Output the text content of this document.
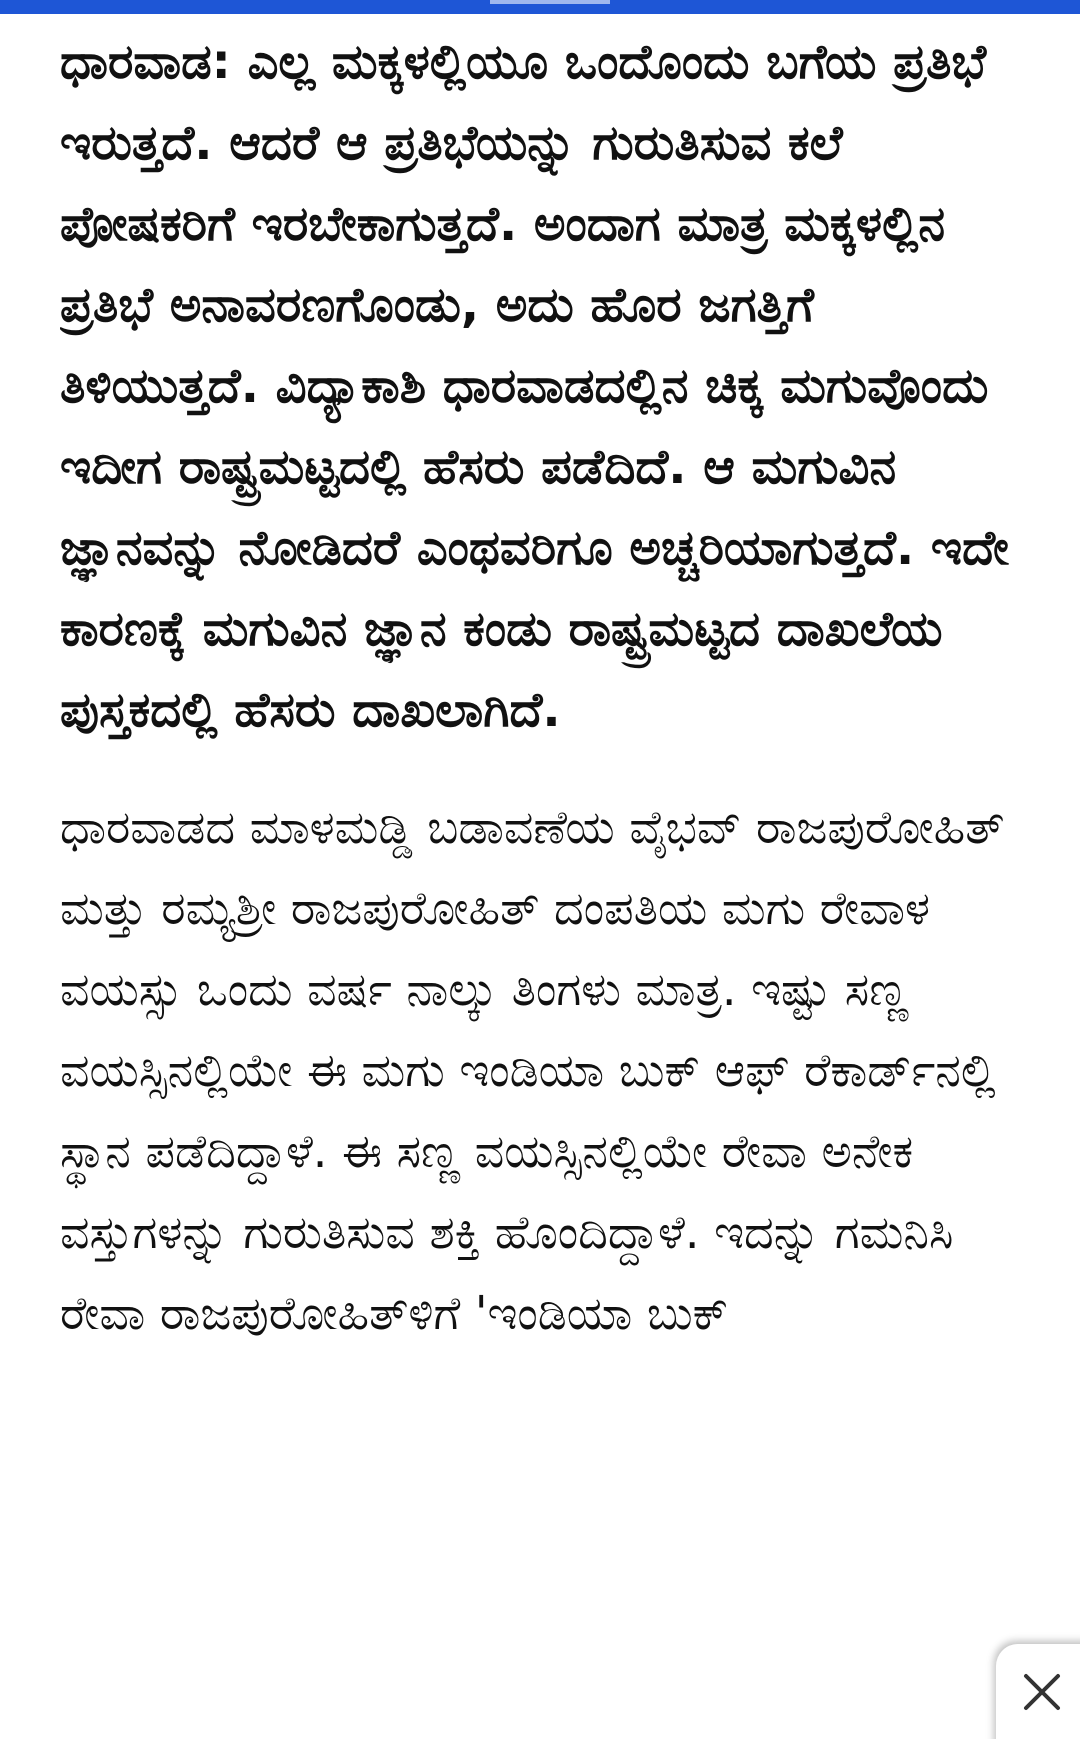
ಧಾರವಾಡ: ಎಲ್ಲ ಮಕ್ಕಳಲ್ಲಿಯೂ ಒಂದೊಂದು ಬಗೆಯ ಪ್ರತಿಭೆ ಇರುತ್ತದೆ. ಆದರೆ ಆ ಪ್ರತಿಭೆಯನ್ನು ಗುರುತಿಸುವ ಕಲೆ ಪೋಷಕರಿಗೆ ಇರಬೇಕಾಗುತ್ತದೆ. ಅಂದಾಗ ಮಾತ್ರ ಮಕ್ಕಳಲ್ಲಿನ ಪ್ರತಿಭೆ ಅನಾವರಣಗೊಂಡು, ಅದು ಹೊರ ಜಗತ್ತಿಗೆ ತಿಳಿಯುತ್ತದೆ. ವಿದ್ಯಾಕಾಶಿ ಧಾರವಾಡದಲ್ಲಿನ ಚಿಕ್ಕ ಮಗುವೊಂದು ಇದೀಗ ರಾಷ್ಟ್ರಮಟ್ಟದಲ್ಲಿ ಹೆಸರು ಪಡೆದಿದೆ. ಆ ಮಗುವಿನ ಜ್ಞಾನವನ್ನು ನೋಡಿದರೆ ಎಂಥವರಿಗೂ ಅಚ್ಚರಿಯಾಗುತ್ತದೆ. ಇದೇ ಕಾರಣಕ್ಕೆ ಮಗುವಿನ ಜ್ಞಾನ ಕಂಡು ರಾಷ್ಟ್ರಮಟ್ಟದ ದಾಖಲೆಯ ಪುಸ್ತಕದಲ್ಲಿ ಹೆಸರು ದಾಖಲಾಗಿದೆ.

ಧಾರವಾಡದ ಮಾಳಮಡ್ಡಿ ಬಡಾವಣೆಯ ವೈಭವ್ ರಾಜಪುರೋಹಿತ್ ಮತ್ತು ರಮ್ಯಶ್ರೀ ರಾಜಪುರೋಹಿತ್ ದಂಪತಿಯ ಮಗು ರೇವಾಳ ವಯಸ್ಸು ಒಂದು ವರ್ಷ ನಾಲ್ಕು ತಿಂಗಳು ಮಾತ್ರ. ಇಷ್ಟು ಸಣ್ಣ ವಯಸ್ಸಿನಲ್ಲಿಯೇ ಈ ಮಗು ಇಂಡಿಯಾ ಬುಕ್ ಆಫ್ ರೆಕಾರ್ಡ್‌ನಲ್ಲಿ ಸ್ಥಾನ ಪಡೆದಿದ್ದಾಳೆ. ಈ ಸಣ್ಣ ವಯಸ್ಸಿನಲ್ಲಿಯೇ ರೇವಾ ಅನೇಕ ವಸ್ತುಗಳನ್ನು ಗುರುತಿಸುವ ಶಕ್ತಿ ಹೊಂದಿದ್ದಾಳೆ. ಇದನ್ನು ಗಮನಿಸಿ ರೇವಾ ರಾಜಪುರೋಹಿತ್‌ಳಿಗೆ 'ಇಂಡಿಯಾ ಬುಕ್
